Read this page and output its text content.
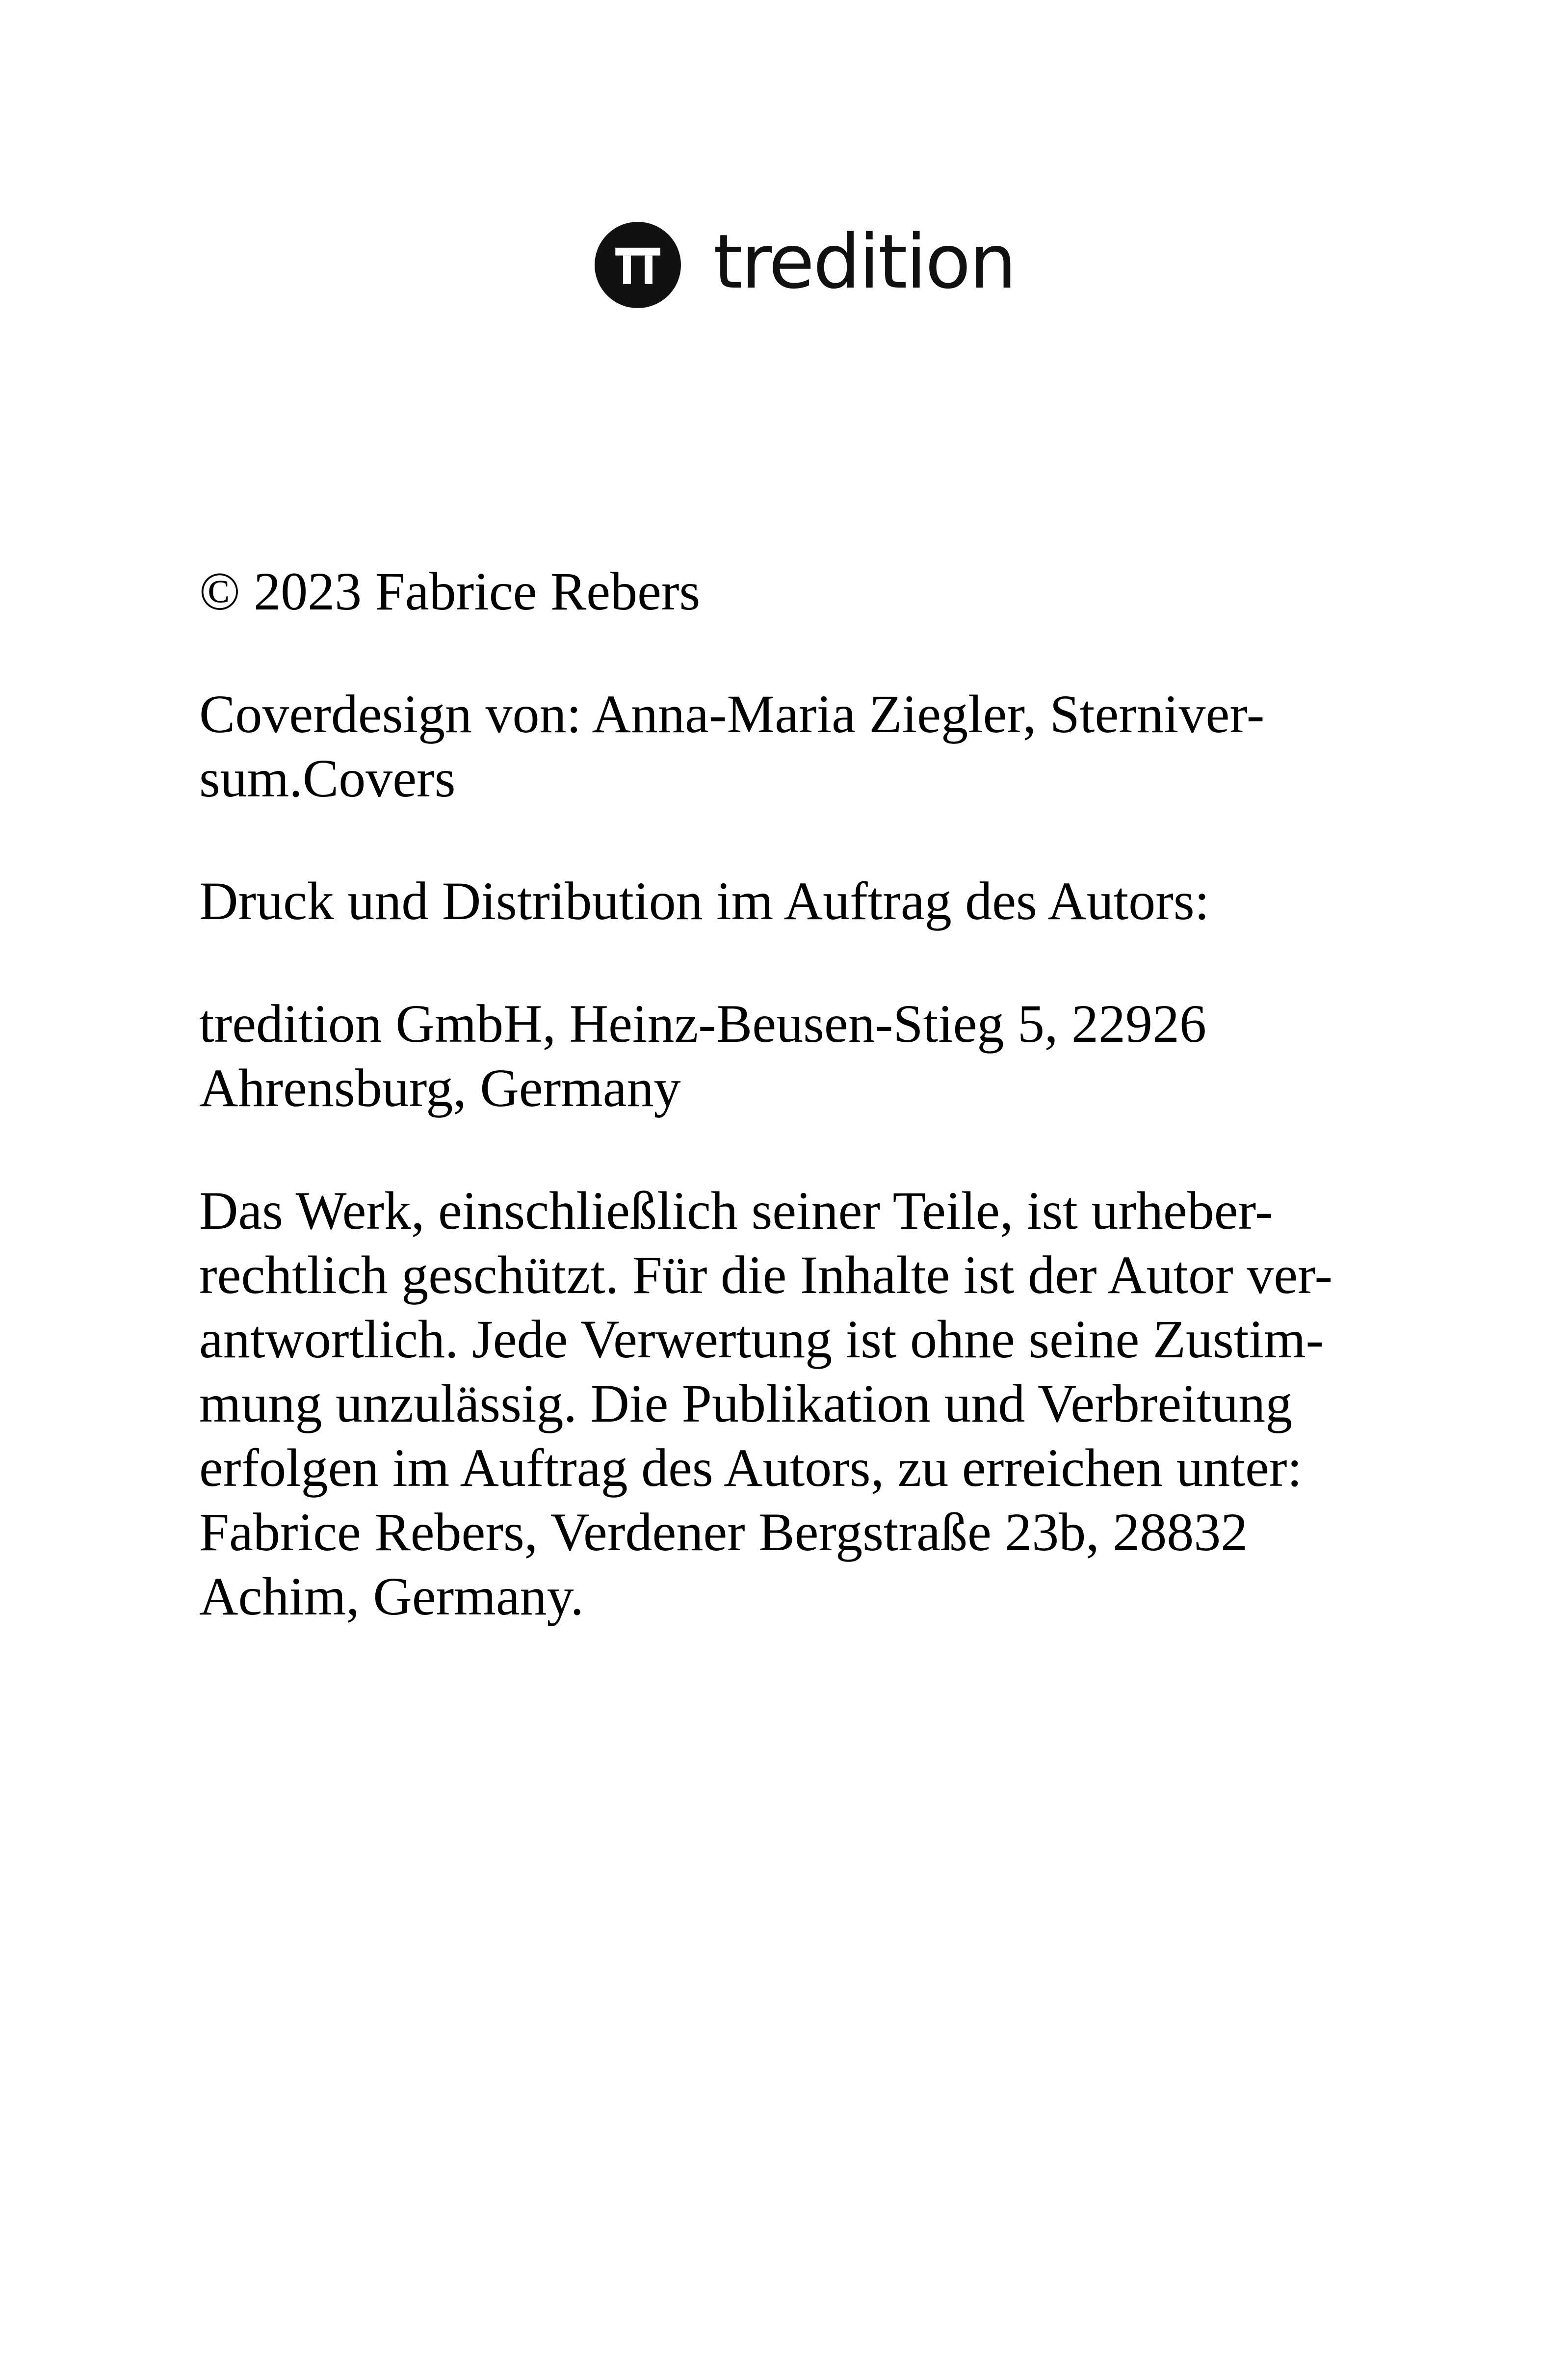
tredition

© 2023 Fabrice Rebers

Coverdesign von: Anna-Maria Ziegler, Sterniver-
sum.Covers

Druck und Distribution im Auftrag des Autors:

tredition GmbH, Heinz-Beusen-Stieg 5, 22926
Ahrensburg, Germany

Das Werk, einschließlich seiner Teile, ist urheber-
rechtlich geschützt. Für die Inhalte ist der Autor ver-
antwortlich. Jede Verwertung ist ohne seine Zustim-
mung unzulässig. Die Publikation und Verbreitung
erfolgen im Auftrag des Autors, zu erreichen unter:
Fabrice Rebers, Verdener Bergstraße 23b, 28832
Achim, Germany.
